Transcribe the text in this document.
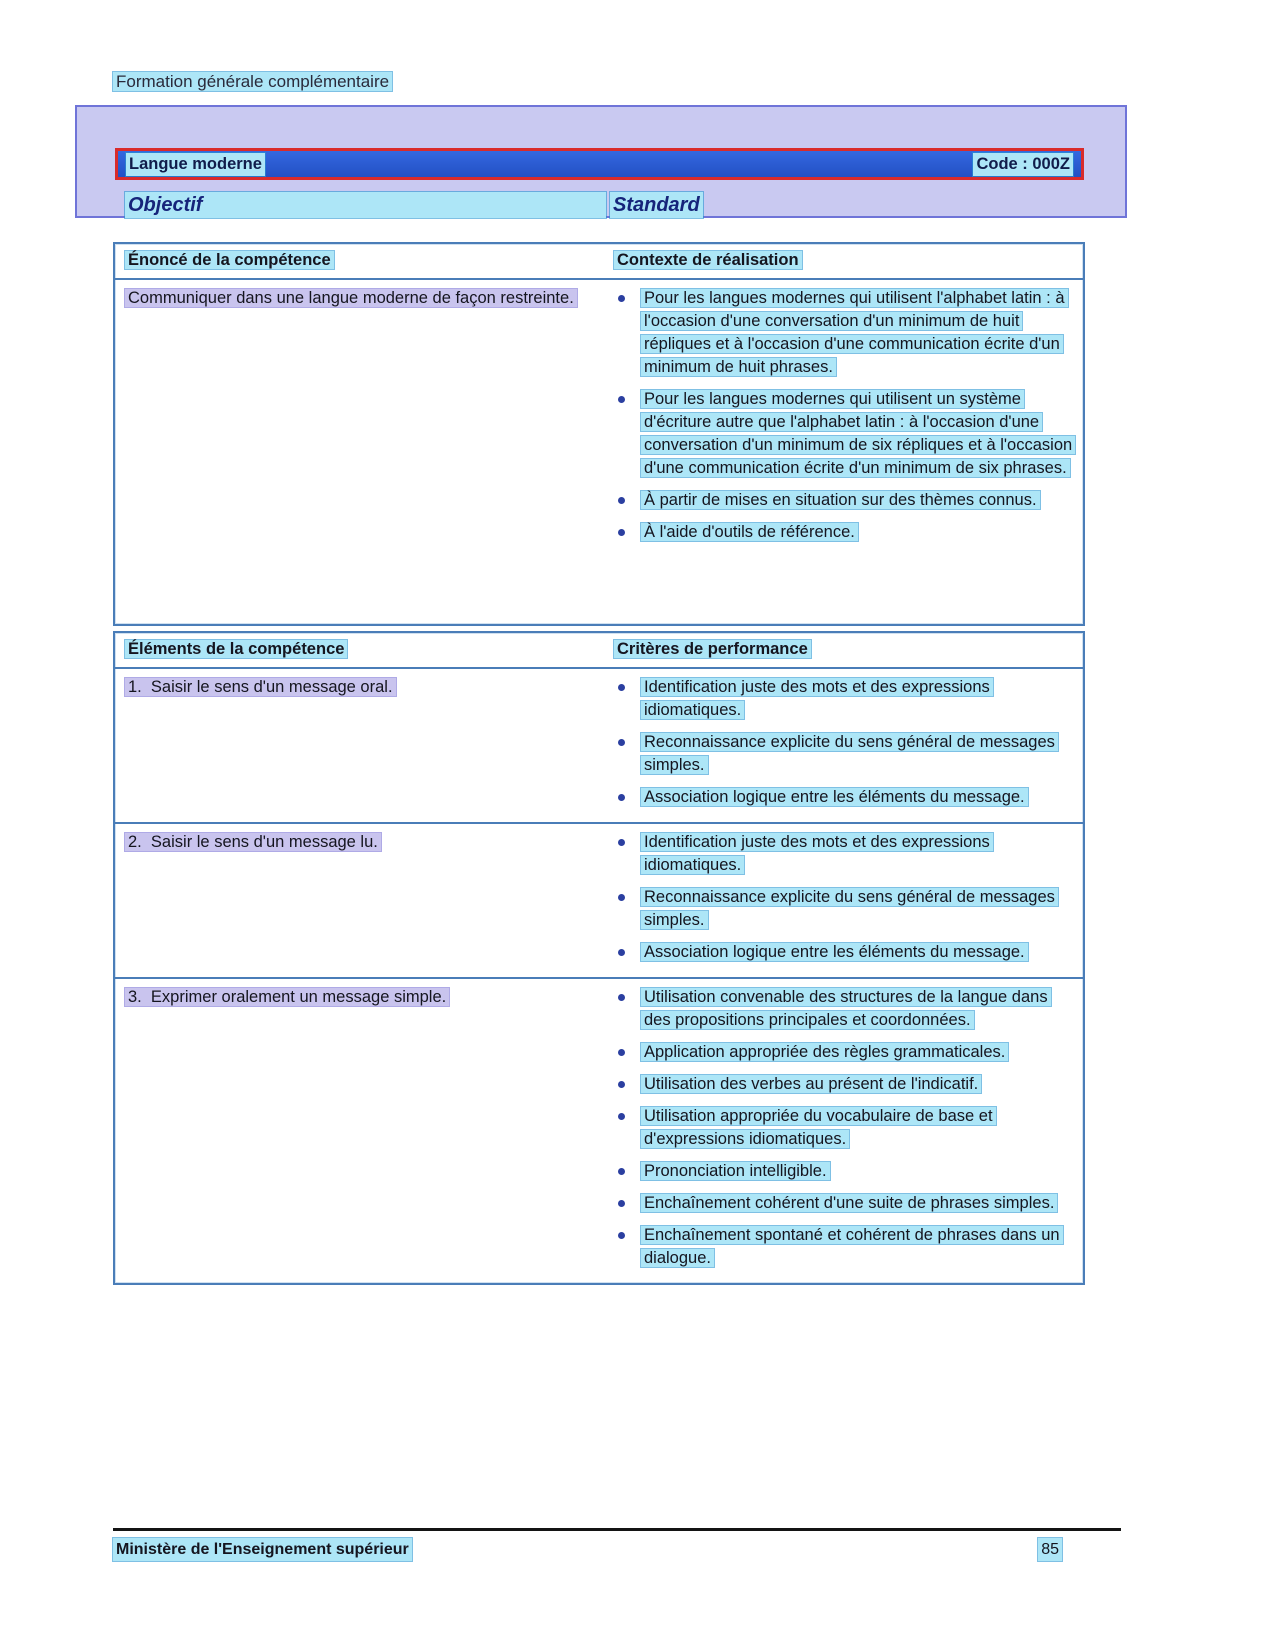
Formation générale complémentaire
Langue moderne	Code : 000Z
Objectif	Standard
Énoncé de la compétence	Contexte de réalisation
Communiquer dans une langue moderne de façon restreinte.	Pour les langues modernes qui utilisent l'alphabet latin : à l'occasion d'une conversation d'un minimum de huit répliques et à l'occasion d'une communication écrite d'un minimum de huit phrases.
Pour les langues modernes qui utilisent un système d'écriture autre que l'alphabet latin : à l'occasion d'une conversation d'un minimum de six répliques et à l'occasion d'une communication écrite d'un minimum de six phrases.
À partir de mises en situation sur des thèmes connus.
À l'aide d'outils de référence.
Éléments de la compétence	Critères de performance
1.  Saisir le sens d'un message oral.	Identification juste des mots et des expressions idiomatiques.
Reconnaissance explicite du sens général de messages simples.
Association logique entre les éléments du message.
2.  Saisir le sens d'un message lu.	Identification juste des mots et des expressions idiomatiques.
Reconnaissance explicite du sens général de messages simples.
Association logique entre les éléments du message.
3.  Exprimer oralement un message simple.	Utilisation convenable des structures de la langue dans des propositions principales et coordonnées.
Application appropriée des règles grammaticales.
Utilisation des verbes au présent de l'indicatif.
Utilisation appropriée du vocabulaire de base et d'expressions idiomatiques.
Prononciation intelligible.
Enchaînement cohérent d'une suite de phrases simples.
Enchaînement spontané et cohérent de phrases dans un dialogue.
Ministère de l'Enseignement supérieur	85
